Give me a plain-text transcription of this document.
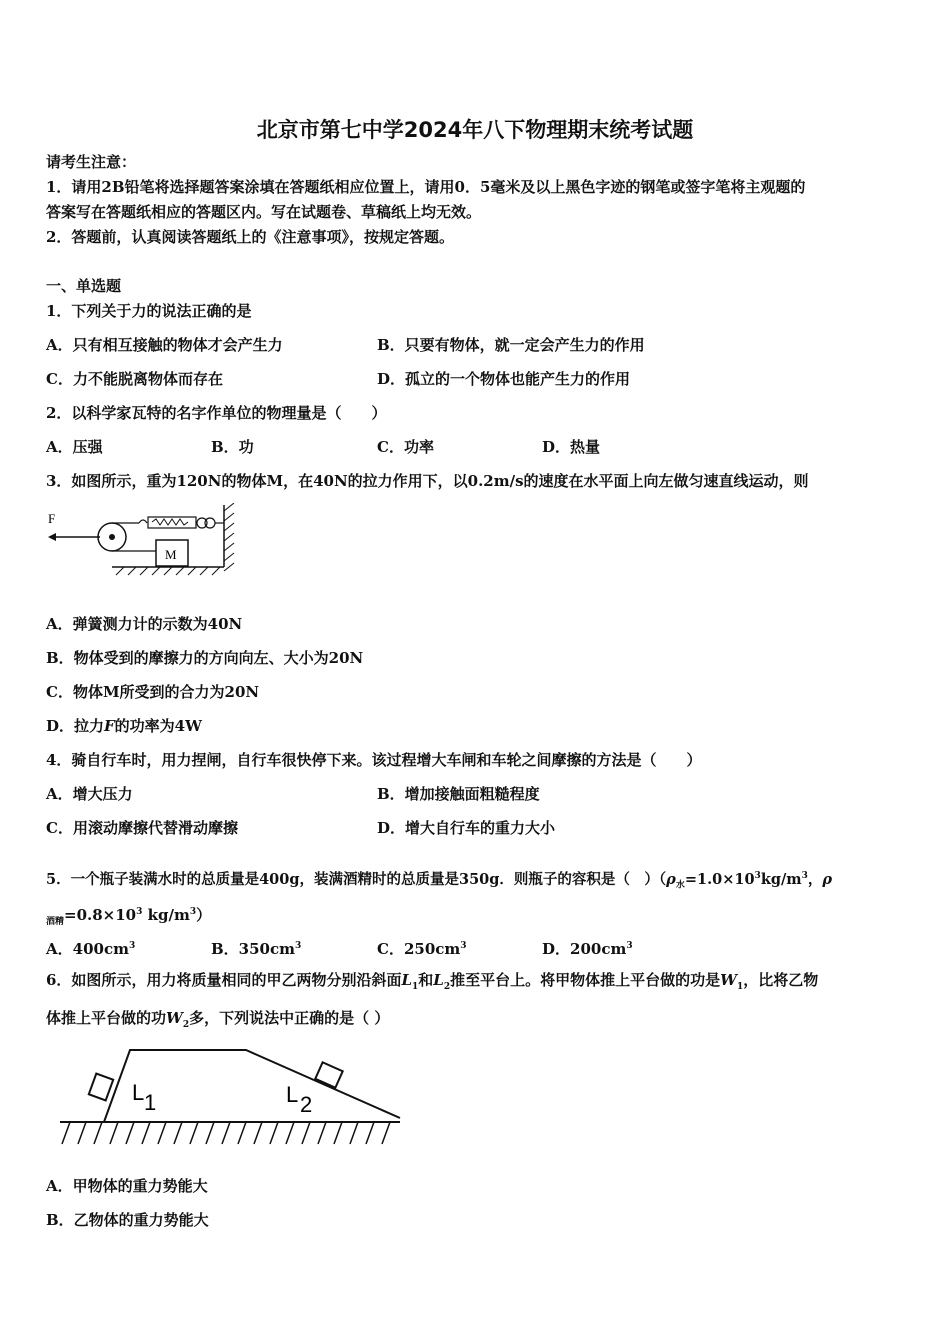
北京市第七中学2024年八下物理期末统考试题
请考生注意：
1．请用2B铅笔将选择题答案涂填在答题纸相应位置上，请用0．5毫米及以上黑色字迹的钢笔或签字笔将主观题的
答案写在答题纸相应的答题区内。写在试题卷、草稿纸上均无效。
2．答题前，认真阅读答题纸上的《注意事项》，按规定答题。
一、单选题
1．下列关于力的说法正确的是
A．只有相互接触的物体才会产生力	B．只要有物体，就一定会产生力的作用
C．力不能脱离物体而存在	D．孤立的一个物体也能产生力的作用
2．以科学家瓦特的名字作单位的物理量是（　　）
A．压强	B．功	C．功率	D．热量
3．如图所示，重为120N的物体M，在40N的拉力作用下，以0.2m/s的速度在水平面上向左做匀速直线运动，则
F
M
A．弹簧测力计的示数为40N
B．物体受到的摩擦力的方向向左、大小为20N
C．物体M所受到的合力为20N
D．拉力F的功率为4W
4．骑自行车时，用力捏闸，自行车很快停下来。该过程增大车闸和车轮之间摩擦的方法是（　　）
A．增大压力	B．增加接触面粗糙程度
C．用滚动摩擦代替滑动摩擦	D．增大自行车的重力大小
5．一个瓶子装满水时的总质量是400g，装满酒精时的总质量是350g．则瓶子的容积是（　）（$\rho_水=1.0\times 10^3kg/m^3$，ρ
$_{酒精}=0.8\times 10^3$ $kg/m^3$）
A．$400cm^3$	B．$350cm^3$	C．$250cm^3$	D．$200cm^3$
6．如图所示，用力将质量相同的甲乙两物分别沿斜面$L_1$和$L_2$推至平台上。将甲物体推上平台做的功是$W_1$，比将乙物
体推上平台做的功$W_2$多，下列说法中正确的是（ ）
L 1	L 2
A．甲物体的重力势能大
B．乙物体的重力势能大
